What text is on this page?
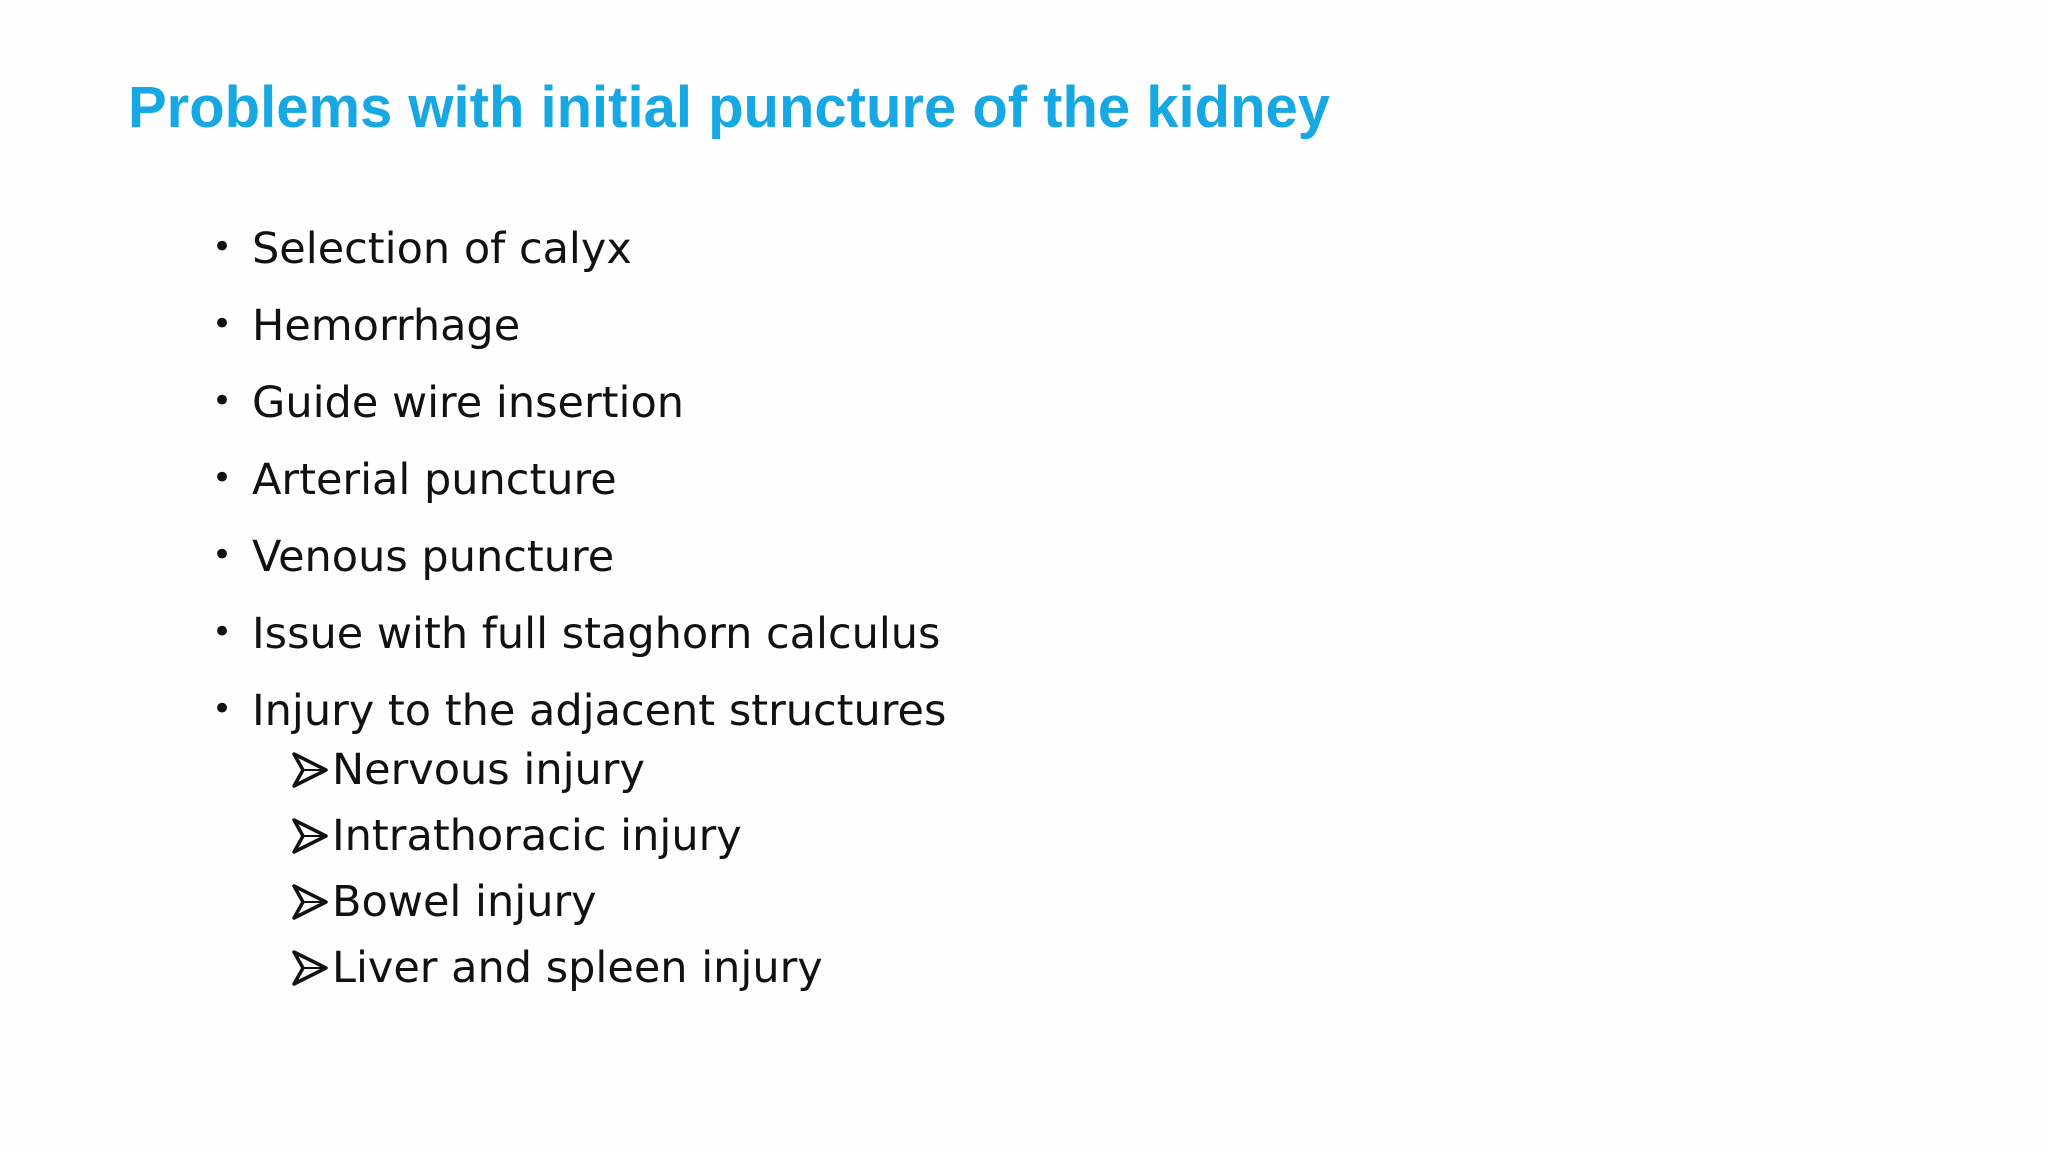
Problems with initial puncture of the kidney
• Selection of calyx
• Hemorrhage
• Guide wire insertion
• Arterial puncture
• Venous puncture
• Issue with full staghorn calculus
• Injury to the adjacent structures
Nervous injury
Intrathoracic injury
Bowel injury
Liver and spleen injury
